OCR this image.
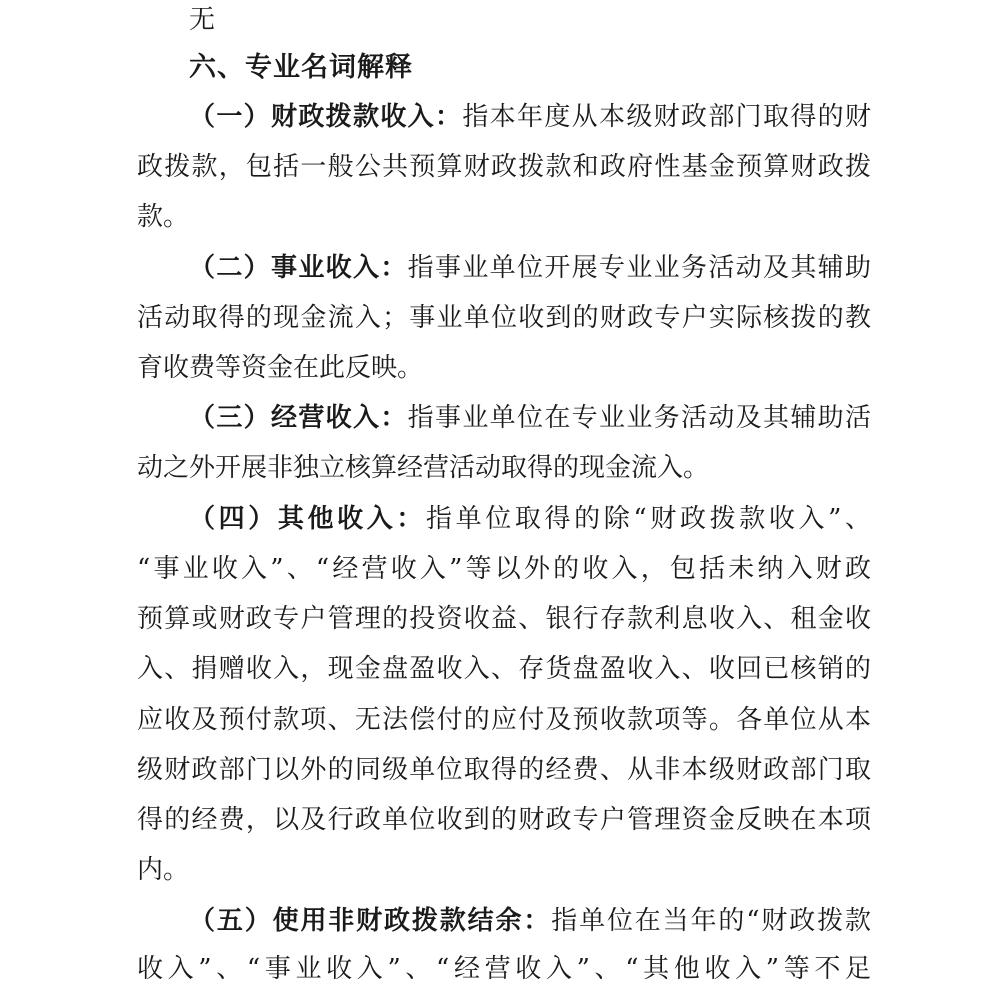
无
六、专业名词解释
（一）财政拨款收入：指本年度从本级财政部门取得的财
政拨款，包括一般公共预算财政拨款和政府性基金预算财政拨
款。
（二）事业收入：指事业单位开展专业业务活动及其辅助
活动取得的现金流入；事业单位收到的财政专户实际核拨的教
育收费等资金在此反映。
（三）经营收入：指事业单位在专业业务活动及其辅助活
动之外开展非独立核算经营活动取得的现金流入。
（四）其他收入：指单位取得的除“财政拨款收入”、
“事业收入”、“经营收入”等以外的收入，包括未纳入财政
预算或财政专户管理的投资收益、银行存款利息收入、租金收
入、捐赠收入，现金盘盈收入、存货盘盈收入、收回已核销的
应收及预付款项、无法偿付的应付及预收款项等。各单位从本
级财政部门以外的同级单位取得的经费、从非本级财政部门取
得的经费，以及行政单位收到的财政专户管理资金反映在本项
内。
（五）使用非财政拨款结余：指单位在当年的“财政拨款
收入”、“事业收入”、“经营收入”、“其他收入”等不足
